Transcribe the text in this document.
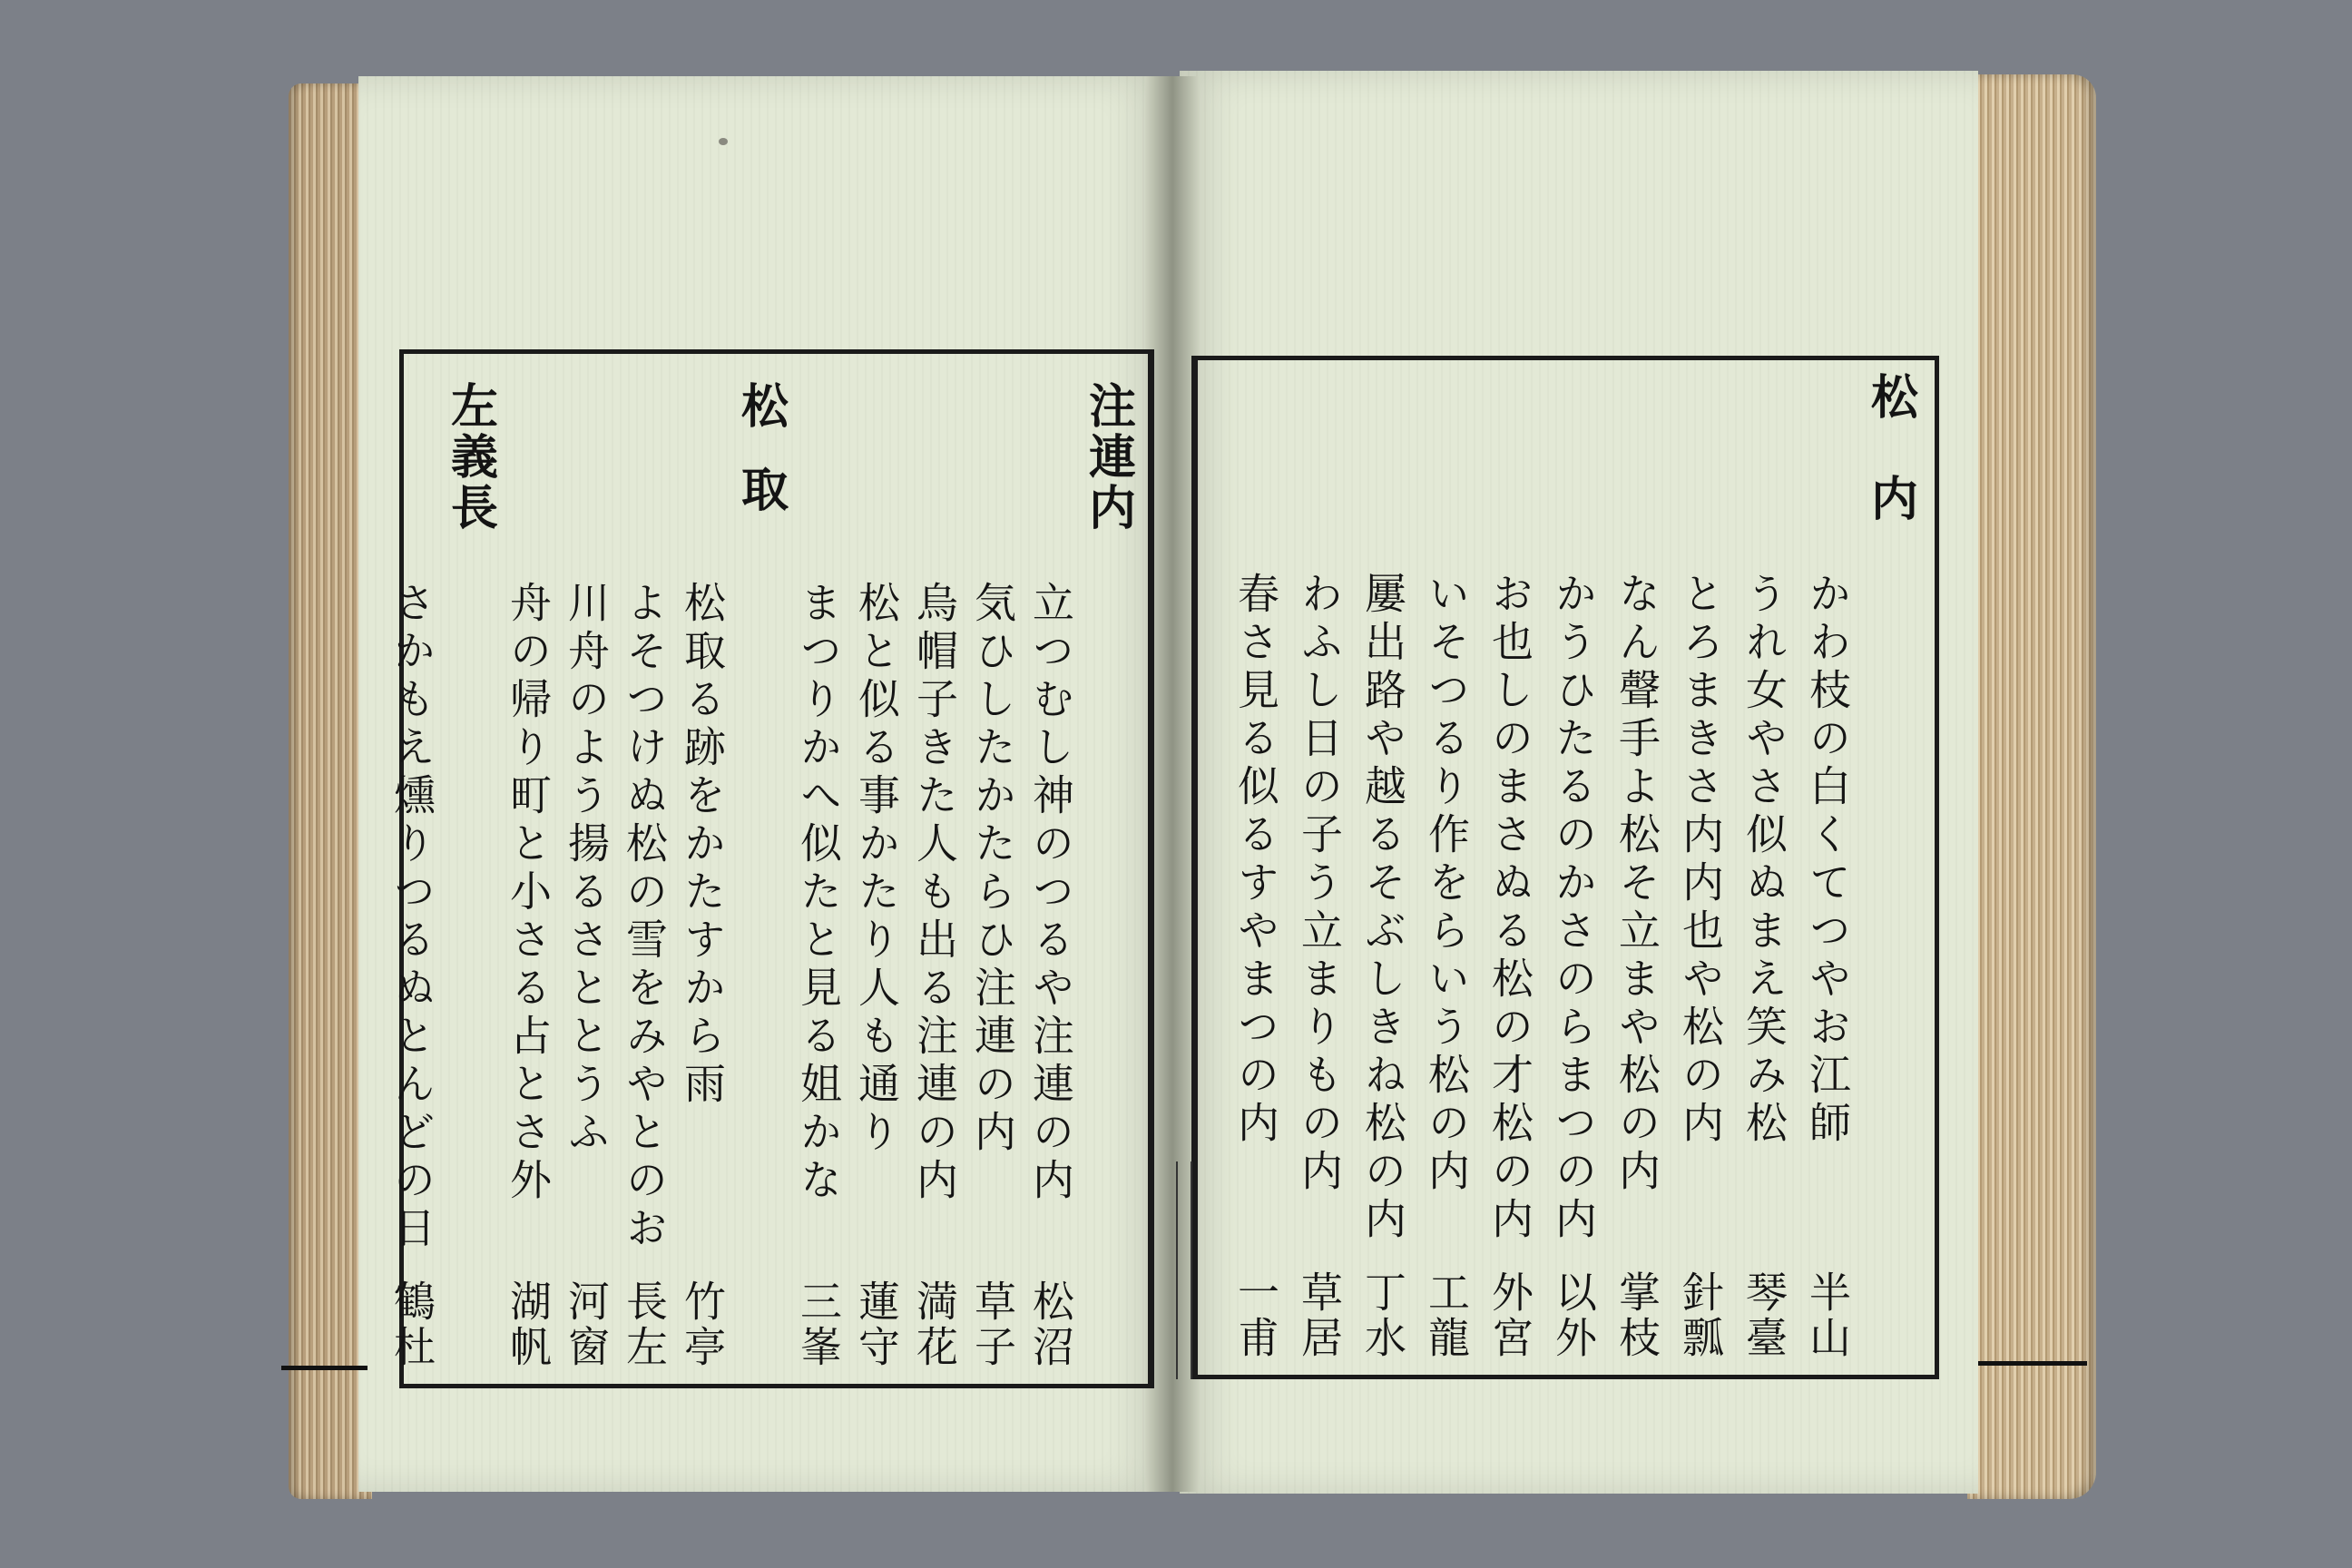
注連内
立つむし神のつるや注連の内
松沼
気ひしたかたらひ注連の内
草子
烏帽子きた人も出る注連の内
満花
松と似る事かたり人も通り
蓮守
まつりかへ似たと見る姐かな
三峯
松取
松取る跡をかたすから雨
竹亭
よそつけぬ松の雪をみやとのお
長左
川舟のよう揚るさととうふ
河窗
舟の帰り町と小さる占とさ外
湖帆
左義長
さかもえ燻りつるぬとんどの日
鶴杜
松内
かわ枝の白くてつやお江師
半山
うれ女やさ似ぬまえ笑み松
琴臺
とろまきさ内内也や松の内
針瓢
なん聲手よ松そ立まや松の内
掌枝
かうひたるのかさのらまつの内
以外
お也しのまさぬる松の才松の内
外宮
いそつるり作をらいう松の内
工龍
屢出路や越るそぶしきね松の内
丁水
わふし日の子う立まりもの内
草居
春さ見る似るすやまつの内
一甫
